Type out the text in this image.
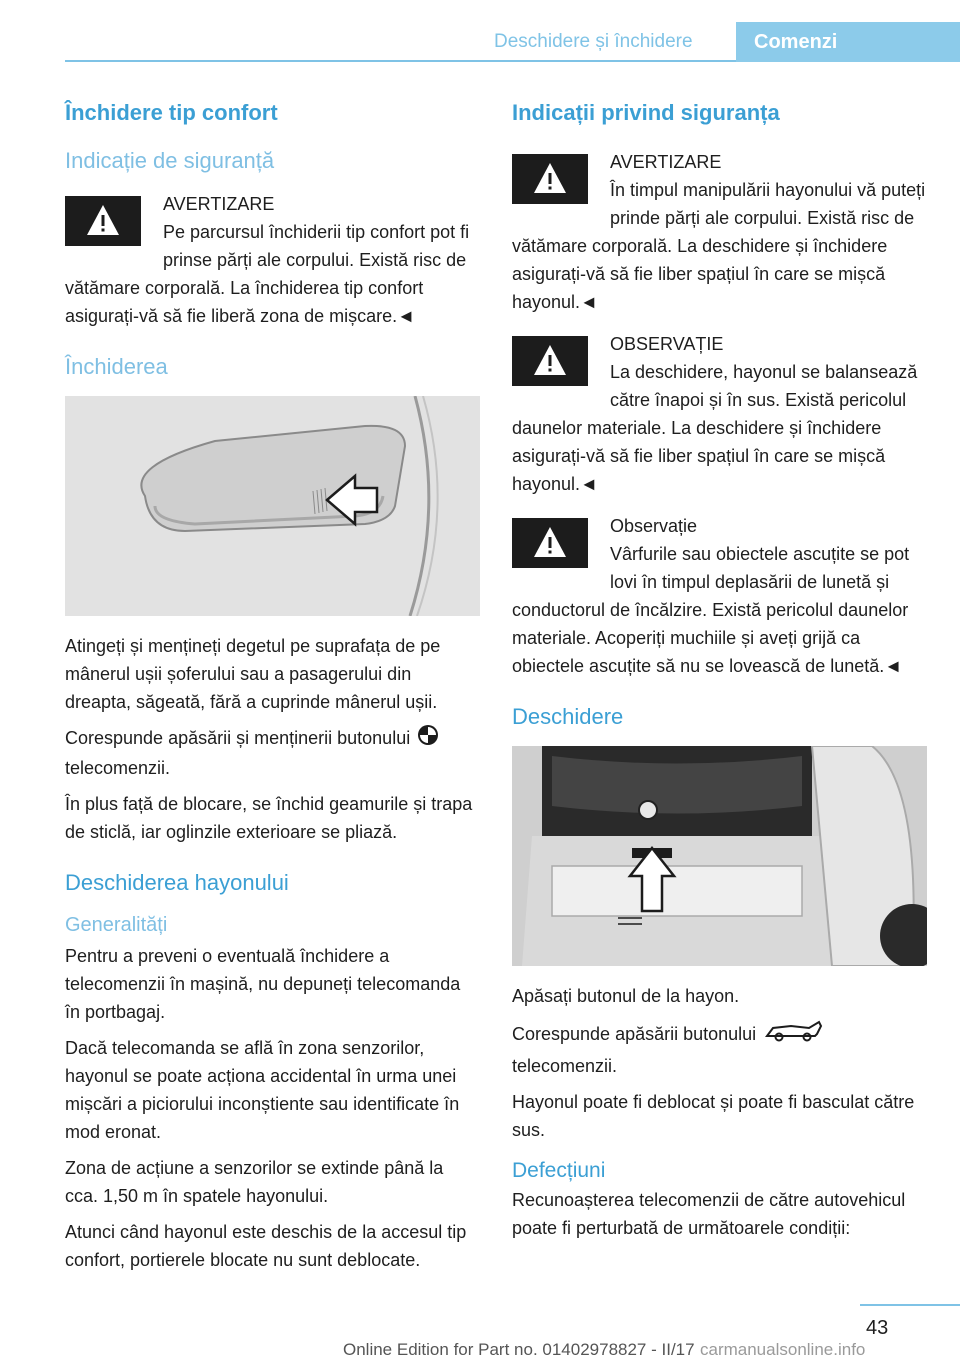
Deschidere și închidere	Comenzi
Închidere tip confort
Indicație de siguranță
AVERTIZARE
Pe parcursul închiderii tip confort pot fi prinse părți ale corpului. Există risc de vătămare corporală. La închiderea tip confort asigurați-vă să fie liberă zona de mișcare.◄
Închiderea

Atingeți și mențineți degetul pe suprafața de pe mânerul ușii șoferului sau a pasagerului din dreapta, săgeată, fără a cuprinde mânerul ușii.

Corespunde apăsării și menținerii butonului  telecomenzii.

În plus față de blocare, se închid geamurile și trapa de sticlă, iar oglinzile exterioare se pliază.

Deschiderea hayonului
Generalități

Pentru a preveni o eventuală închidere a telecomenzii în mașină, nu depuneți telecomanda în portbagaj.

Dacă telecomanda se află în zona senzorilor, hayonul se poate acționa accidental în urma unei mișcări a piciorului inconștiente sau identificate în mod eronat.

Zona de acțiune a senzorilor se extinde până la cca. 1,50 m în spatele hayonului.

Atunci când hayonul este deschis de la accesul tip confort, portierele blocate nu sunt deblocate.

Indicații privind siguranța
AVERTIZARE
În timpul manipulării hayonului vă puteți prinde părți ale corpului. Există risc de vătămare corporală. La deschidere și închidere asigurați-vă să fie liber spațiul în care se mișcă hayonul.◄
OBSERVAȚIE
La deschidere, hayonul se balansează către înapoi și în sus. Există pericolul daunelor materiale. La deschidere și închidere asigurați-vă să fie liber spațiul în care se mișcă hayonul.◄
Observație
Vârfurile sau obiectele ascuțite se pot lovi în timpul deplasării de lunetă și conductorul de încălzire. Există pericolul daunelor materiale. Acoperiți muchiile și aveți grijă ca obiectele ascuțite să nu se lovească de lunetă.◄
Deschidere

Apăsați butonul de la hayon.

Corespunde apăsării butonului  telecomenzii.

Hayonul poate fi deblocat și poate fi basculat către sus.

Defecțiuni

Recunoașterea telecomenzii de către autovehicul poate fi perturbată de următoarele condiții:

43
Online Edition for Part no. 01402978827 - II/17 carmanualsonline.info
